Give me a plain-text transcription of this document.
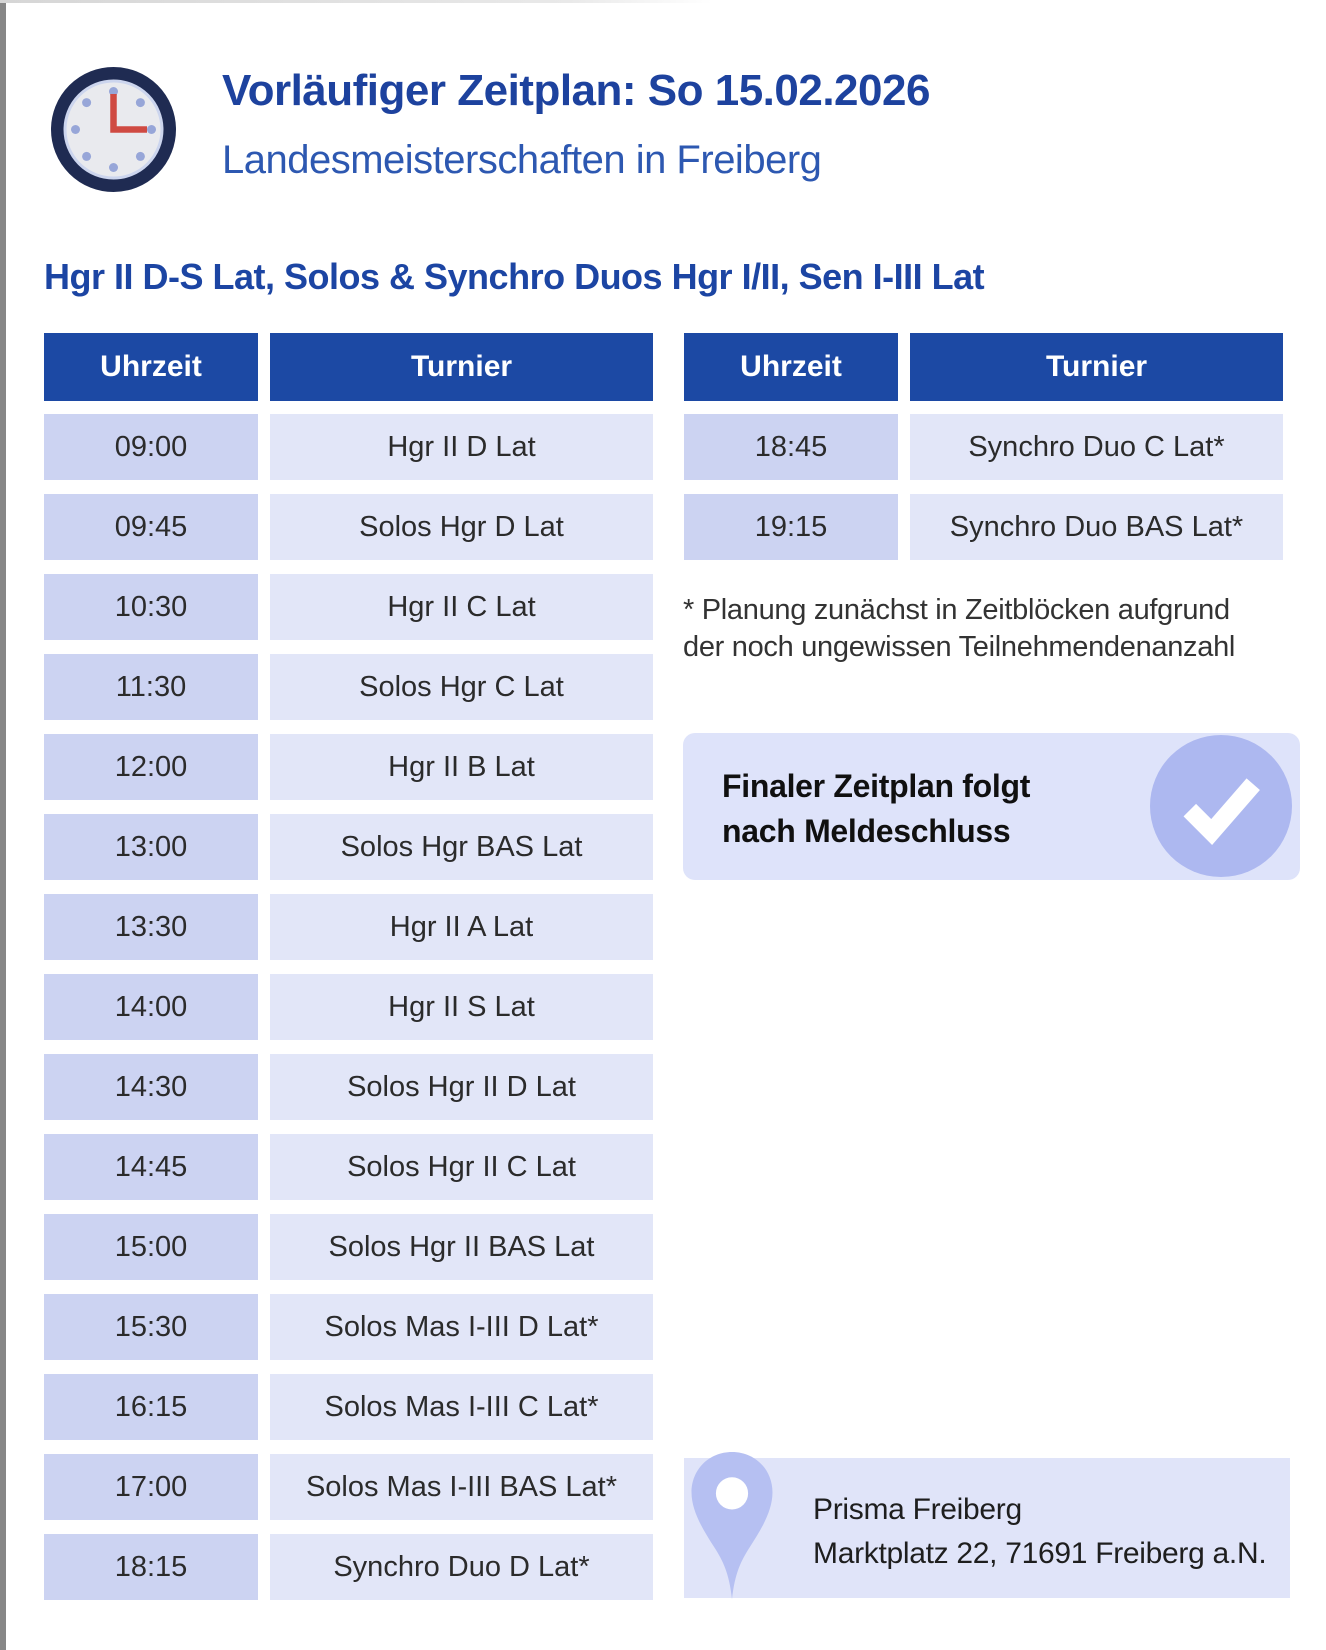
Vorläufiger Zeitplan: So 15.02.2026
Landesmeisterschaften in Freiberg
Hgr II D-S Lat, Solos & Synchro Duos Hgr I/II, Sen I-III Lat
Uhrzeit	Turnier
09:00	Hgr II D Lat
09:45	Solos Hgr D Lat
10:30	Hgr II C Lat
11:30	Solos Hgr C Lat
12:00	Hgr II B Lat
13:00	Solos Hgr BAS Lat
13:30	Hgr II A Lat
14:00	Hgr II S Lat
14:30	Solos Hgr II D Lat
14:45	Solos Hgr II C Lat
15:00	Solos Hgr II BAS Lat
15:30	Solos Mas I-III D Lat*
16:15	Solos Mas I-III C Lat*
17:00	Solos Mas I-III BAS Lat*
18:15	Synchro Duo D Lat*
Uhrzeit	Turnier
18:45	Synchro Duo C Lat*
19:15	Synchro Duo BAS Lat*
* Planung zunächst in Zeitblöcken aufgrund
der noch ungewissen Teilnehmendenanzahl
Finaler Zeitplan folgt
nach Meldeschluss
Prisma Freiberg
Marktplatz 22, 71691 Freiberg a.N.
